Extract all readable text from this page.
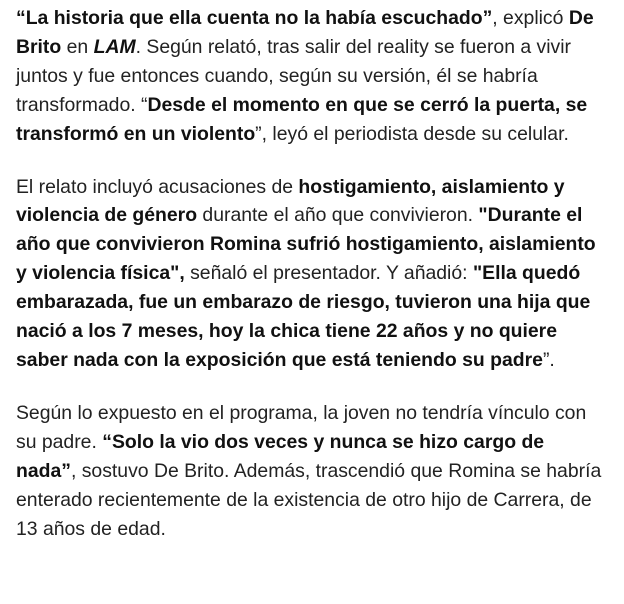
“La historia que ella cuenta no la había escuchado”, explicó De Brito en LAM. Según relató, tras salir del reality se fueron a vivir juntos y fue entonces cuando, según su versión, él se habría transformado. “Desde el momento en que se cerró la puerta, se transformó en un violento”, leyó el periodista desde su celular.

El relato incluyó acusaciones de hostigamiento, aislamiento y violencia de género durante el año que convivieron. "Durante el año que convivieron Romina sufrió hostigamiento, aislamiento y violencia física", señaló el presentador. Y añadió: "Ella quedó embarazada, fue un embarazo de riesgo, tuvieron una hija que nació a los 7 meses, hoy la chica tiene 22 años y no quiere saber nada con la exposición que está teniendo su padre”.

Según lo expuesto en el programa, la joven no tendría vínculo con su padre. “Solo la vio dos veces y nunca se hizo cargo de nada”, sostuvo De Brito. Además, trascendió que Romina se habría enterado recientemente de la existencia de otro hijo de Carrera, de 13 años de edad.
